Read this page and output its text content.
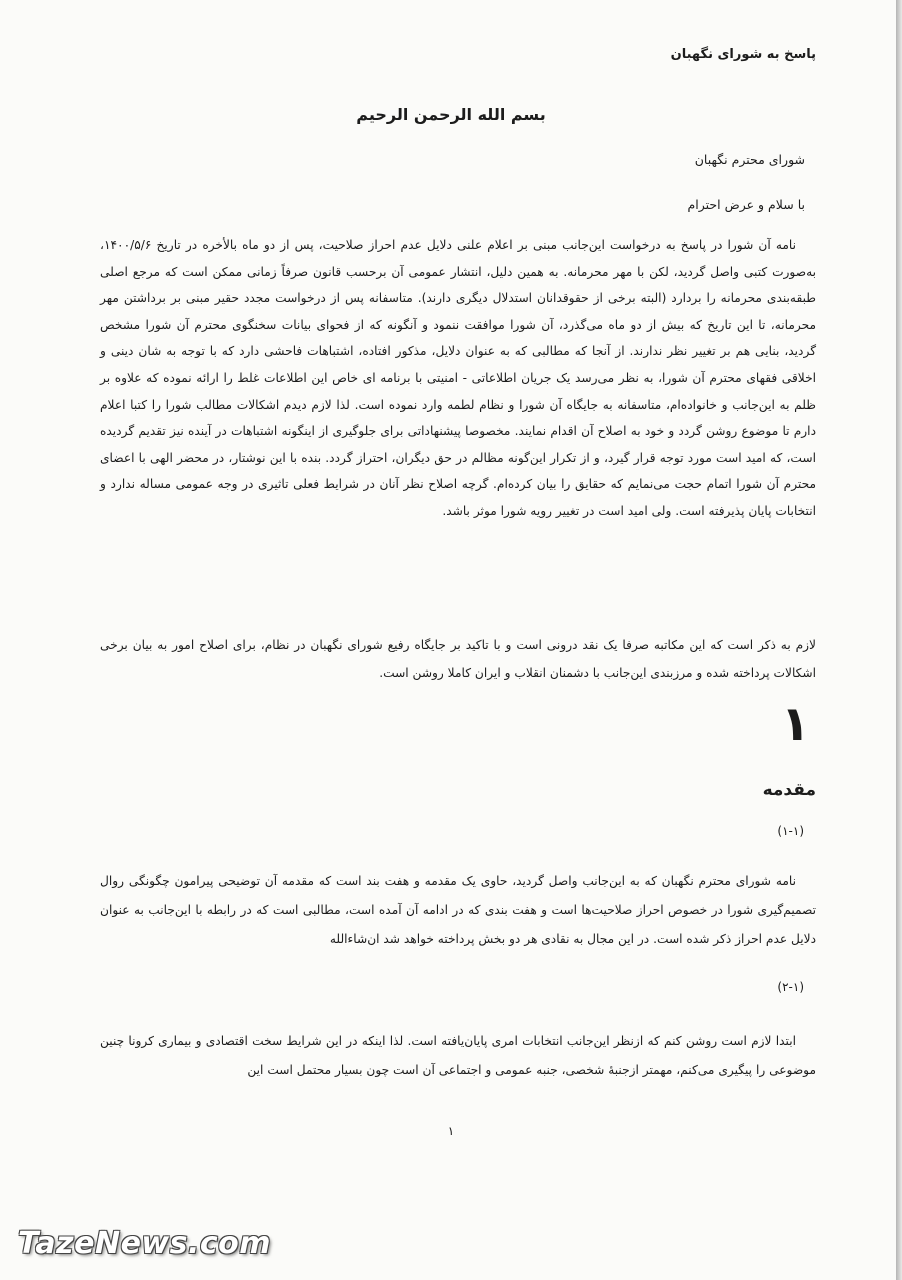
پاسخ به شورای نگهبان
بسم الله الرحمن الرحیم
شورای محترم نگهبان
با سلام و عرض احترام
نامه آن شورا در پاسخ به درخواست این‌جانب مبنی بر اعلام علنی دلایل عدم احراز صلاحیت، پس از دو ماه بالأخره در تاریخ ۱۴۰۰/۵/۶، به‌صورت کتبی واصل گردید، لکن با مهر محرمانه. به همین دلیل، انتشار عمومی آن برحسب قانون صرفاً زمانی ممکن است که مرجع اصلی طبقه‌بندی محرمانه را بردارد (البته برخی از حقوقدانان استدلال دیگری دارند). متاسفانه پس از درخواست مجدد حقیر مبنی بر برداشتن مهر محرمانه، تا این تاریخ که بیش از دو ماه می‌گذرد، آن شورا موافقت ننمود و آنگونه که از فحوای بیانات سخنگوی محترم آن شورا مشخص گردید، بنایی هم بر تغییر نظر ندارند. از آنجا که مطالبی که به عنوان دلایل، مذکور افتاده، اشتباهات فاحشی دارد که با توجه به شان دینی و اخلاقی فقهای محترم آن شورا، به نظر می‌رسد یک جریان اطلاعاتی - امنیتی با برنامه ای خاص این اطلاعات غلط را ارائه نموده که علاوه بر ظلم به این‌جانب و خانواده‌ام، متاسفانه به جایگاه آن شورا و نظام لطمه وارد نموده است. لذا لازم دیدم اشکالات مطالب شورا را کتبا اعلام دارم تا موضوع روشن گردد و خود به اصلاح آن اقدام نمایند. مخصوصا پیشنهاداتی برای جلوگیری از اینگونه اشتباهات در آینده نیز تقدیم گردیده است، که امید است مورد توجه قرار گیرد، و از تکرار این‌گونه مظالم در حق دیگران، احتراز گردد. بنده با این نوشتار، در محضر الهی با اعضای محترم آن شورا اتمام حجت می‌نمایم که حقایق را بیان کرده‌ام. گرچه اصلاح نظر آنان در شرایط فعلی تاثیری در وجه عمومی مساله ندارد و انتخابات پایان پذیرفته است. ولی امید است در تغییر رویه شورا موثر باشد.
لازم به ذکر است که این مکاتبه صرفا یک نقد درونی است و با تاکید بر جایگاه رفیع شورای نگهبان در نظام، برای اصلاح امور به بیان برخی اشکالات پرداخته شده و مرزبندی این‌جانب با دشمنان انقلاب و ایران کاملا روشن است.
۱
مقدمه
(۱-۱)
نامه شورای محترم نگهبان که به این‌جانب واصل گردید، حاوی یک مقدمه و هفت بند است که مقدمه آن توضیحی پیرامون چگونگی روال تصمیم‌گیری شورا در خصوص احراز صلاحیت‌ها است و هفت بندی که در ادامه آن آمده است، مطالبی است که در رابطه با این‌جانب به عنوان دلایل عدم احراز ذکر شده است. در این مجال به نقادی هر دو بخش پرداخته خواهد شد ان‌شاءالله
(۲-۱)
ابتدا لازم است روشن کنم که ازنظر این‌جانب انتخابات امری پایان‌یافته است. لذا اینکه در این شرایط سخت اقتصادی و بیماری کرونا چنین موضوعی را پیگیری می‌کنم، مهمتر ازجنبهٔ شخصی، جنبه عمومی و اجتماعی آن است چون بسیار محتمل است این
۱
TazeNews.com
